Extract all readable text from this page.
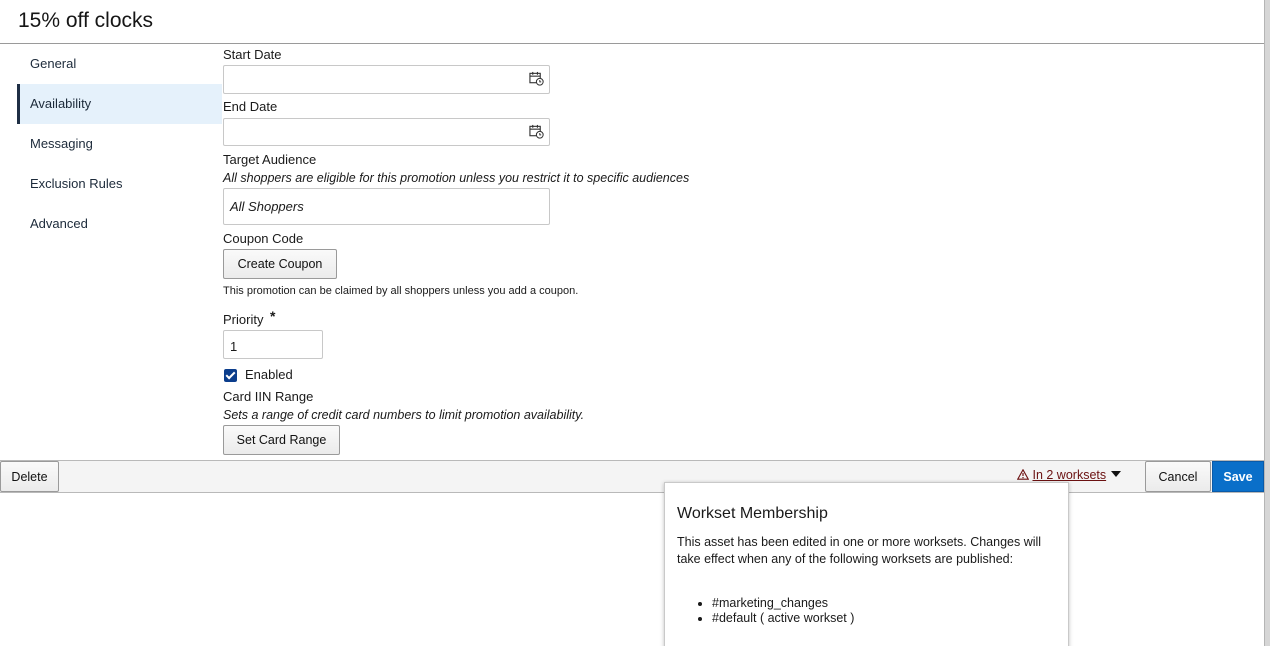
15% off clocks
General
Availability
Messaging
Exclusion Rules
Advanced
Start Date
End Date
Target Audience
All shoppers are eligible for this promotion unless you restrict it to specific audiences
All Shoppers
Coupon Code
Create Coupon
This promotion can be claimed by all shoppers unless you add a coupon.
Priority *
1
Enabled
Card IIN Range
Sets a range of credit card numbers to limit promotion availability.
Set Card Range
Delete	In 2 worksets	Cancel	Save
Workset Membership

This asset has been edited in one or more worksets. Changes will take effect when any of the following worksets are published:

• #marketing_changes
• #default ( active workset )
